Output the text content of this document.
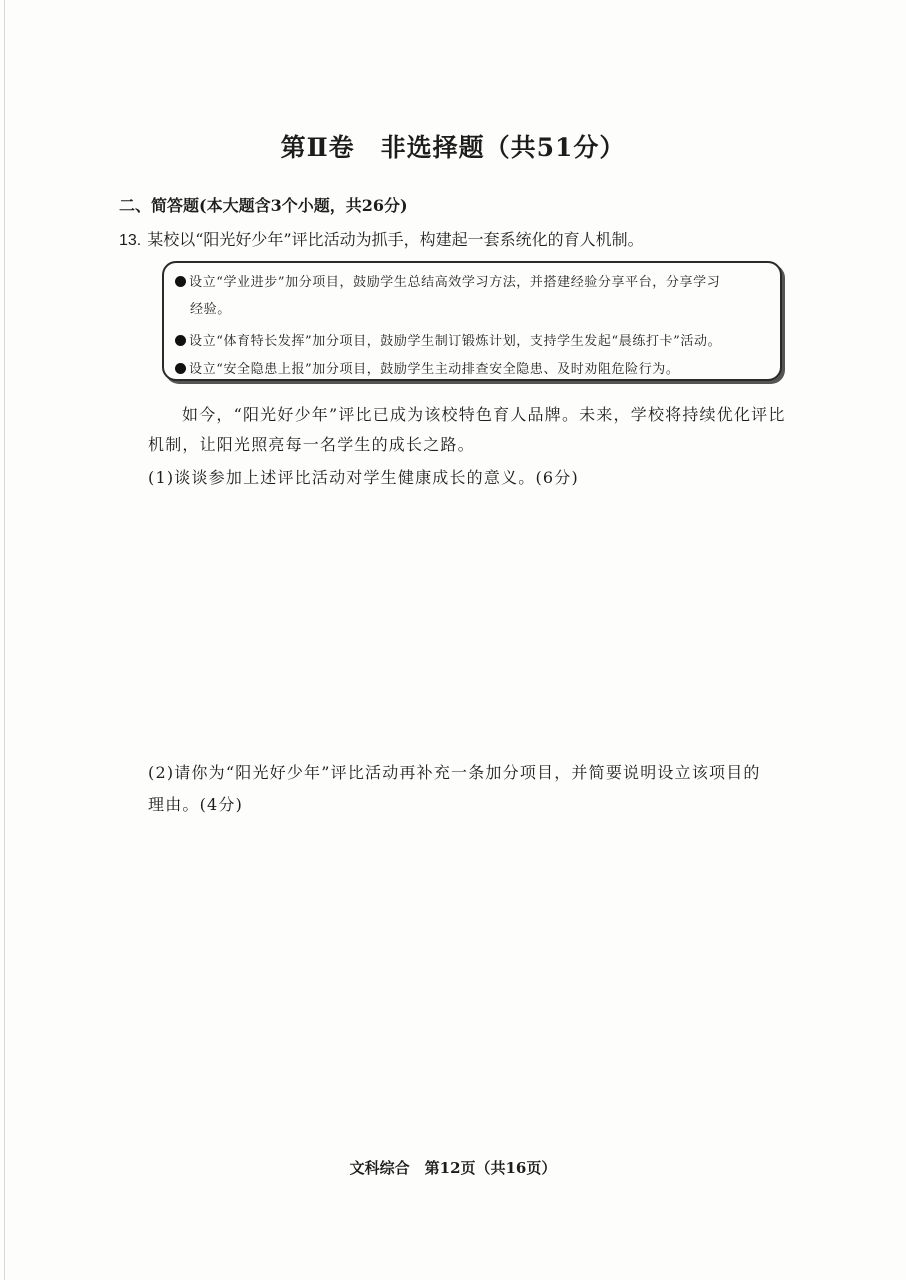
第Ⅱ卷　非选择题（共51分）
二、简答题(本大题含3个小题，共26分)
13. 某校以“阳光好少年”评比活动为抓手，构建起一套系统化的育人机制。
设立“学业进步”加分项目，鼓励学生总结高效学习方法，并搭建经验分享平台，分享学习
经验。
设立“体育特长发挥”加分项目，鼓励学生制订锻炼计划，支持学生发起“晨练打卡”活动。
设立“安全隐患上报”加分项目，鼓励学生主动排查安全隐患、及时劝阻危险行为。
如今，“阳光好少年”评比已成为该校特色育人品牌。未来，学校将持续优化评比
机制，让阳光照亮每一名学生的成长之路。
(1)谈谈参加上述评比活动对学生健康成长的意义。(6分)
(2)请你为“阳光好少年”评比活动再补充一条加分项目，并简要说明设立该项目的
理由。(4分)
文科综合　第12页（共16页）
